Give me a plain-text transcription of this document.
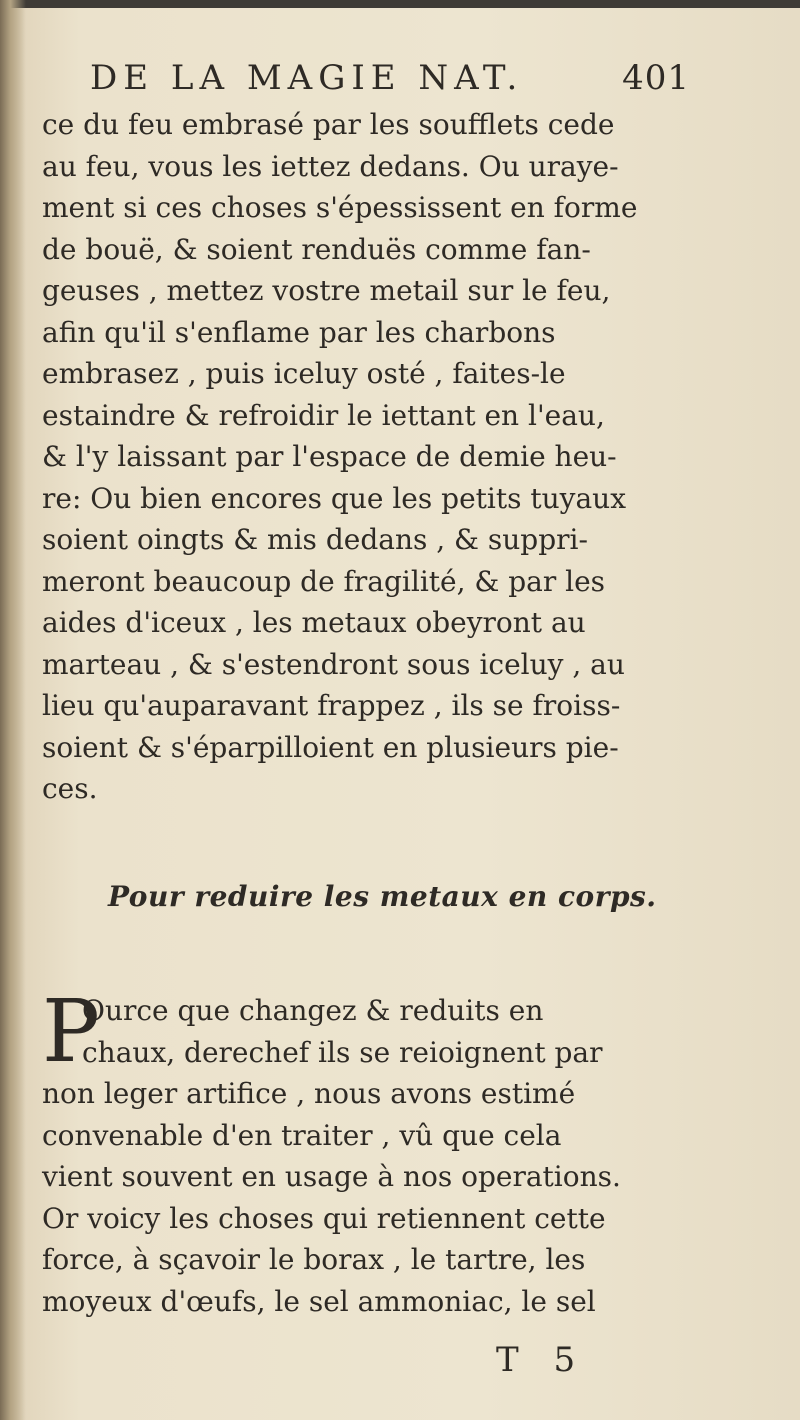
DE LA MAGIE NAT.	401
ce du feu embrasé par les soufflets cede
au feu, vous les iettez dedans. Ou urayе-
ment si ces choses s'épessissent en forme
de bouë, & soient renduës comme fan-
geuses , mettez vostre metail sur le feu,
afin qu'il s'enflame par les charbons
embrasez , puis iceluy osté , faites-le
estaindre & refroidir le iettant en l'eau,
& l'y laissant par l'espace de demie heu-
re: Ou bien encores que les petits tuyaux
soient oingts & mis dedans , & suppri-
meront beaucoup de fragilité, & par les
aides d'iceux , les metaux obeyront au
marteau , & s'estendront sous iceluy , au
lieu qu'auparavant frappez , ils se froiss-
soient & s'éparpilloient en plusieurs pie-
ces.
Pour reduire les metaux en corps.
P
Ource que changez & reduits en
chaux, derechef ils se reioignent par
non leger artifice , nous avons estimé
convenable d'en traiter , vû que cela
vient souvent en usage à nos operations.
Or voicy les choses qui retiennent cette
force, à sçavoir le borax , le tartre, les
moyeux d'œufs, le sel ammoniac, le sel
T 5
